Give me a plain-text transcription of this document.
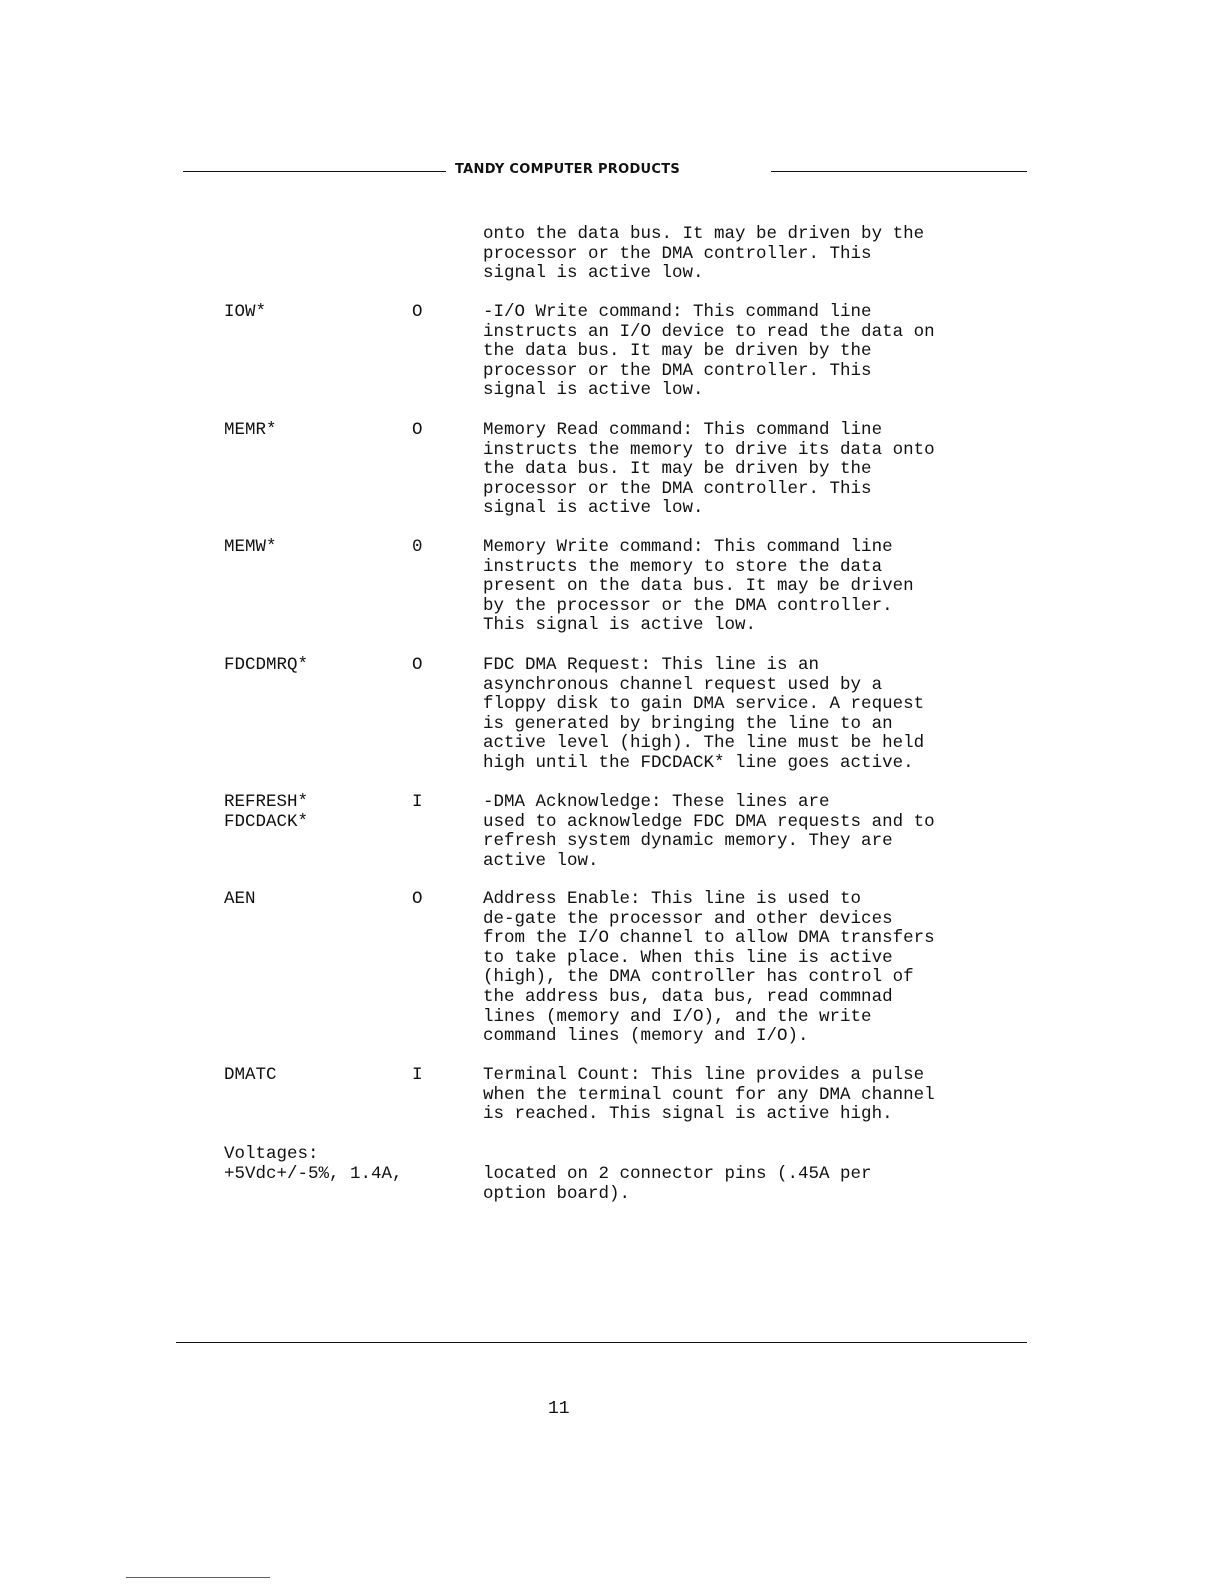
TANDY COMPUTER PRODUCTS
onto the data bus. It may be driven by the
processor or the DMA controller. This
signal is active low.
IOW*	O	-I/O Write command: This command line
instructs an I/O device to read the data on
the data bus. It may be driven by the
processor or the DMA controller. This
signal is active low.
MEMR*	O	Memory Read command: This command line
instructs the memory to drive its data onto
the data bus. It may be driven by the
processor or the DMA controller. This
signal is active low.
MEMW*	0	Memory Write command: This command line
instructs the memory to store the data
present on the data bus. It may be driven
by the processor or the DMA controller.
This signal is active low.
FDCDMRQ*	O	FDC DMA Request: This line is an
asynchronous channel request used by a
floppy disk to gain DMA service. A request
is generated by bringing the line to an
active level (high). The line must be held
high until the FDCDACK* line goes active.
REFRESH*
FDCDACK*
I	-DMA Acknowledge: These lines are
used to acknowledge FDC DMA requests and to
refresh system dynamic memory. They are
active low.
AEN	O	Address Enable: This line is used to
de-gate the processor and other devices
from the I/O channel to allow DMA transfers
to take place. When this line is active
(high), the DMA controller has control of
the address bus, data bus, read commnad
lines (memory and I/O), and the write
command lines (memory and I/O).
DMATC	I	Terminal Count: This line provides a pulse
when the terminal count for any DMA channel
is reached. This signal is active high.
Voltages:
+5Vdc+/-5%, 1.4A,	located on 2 connector pins (.45A per
option board).
11
